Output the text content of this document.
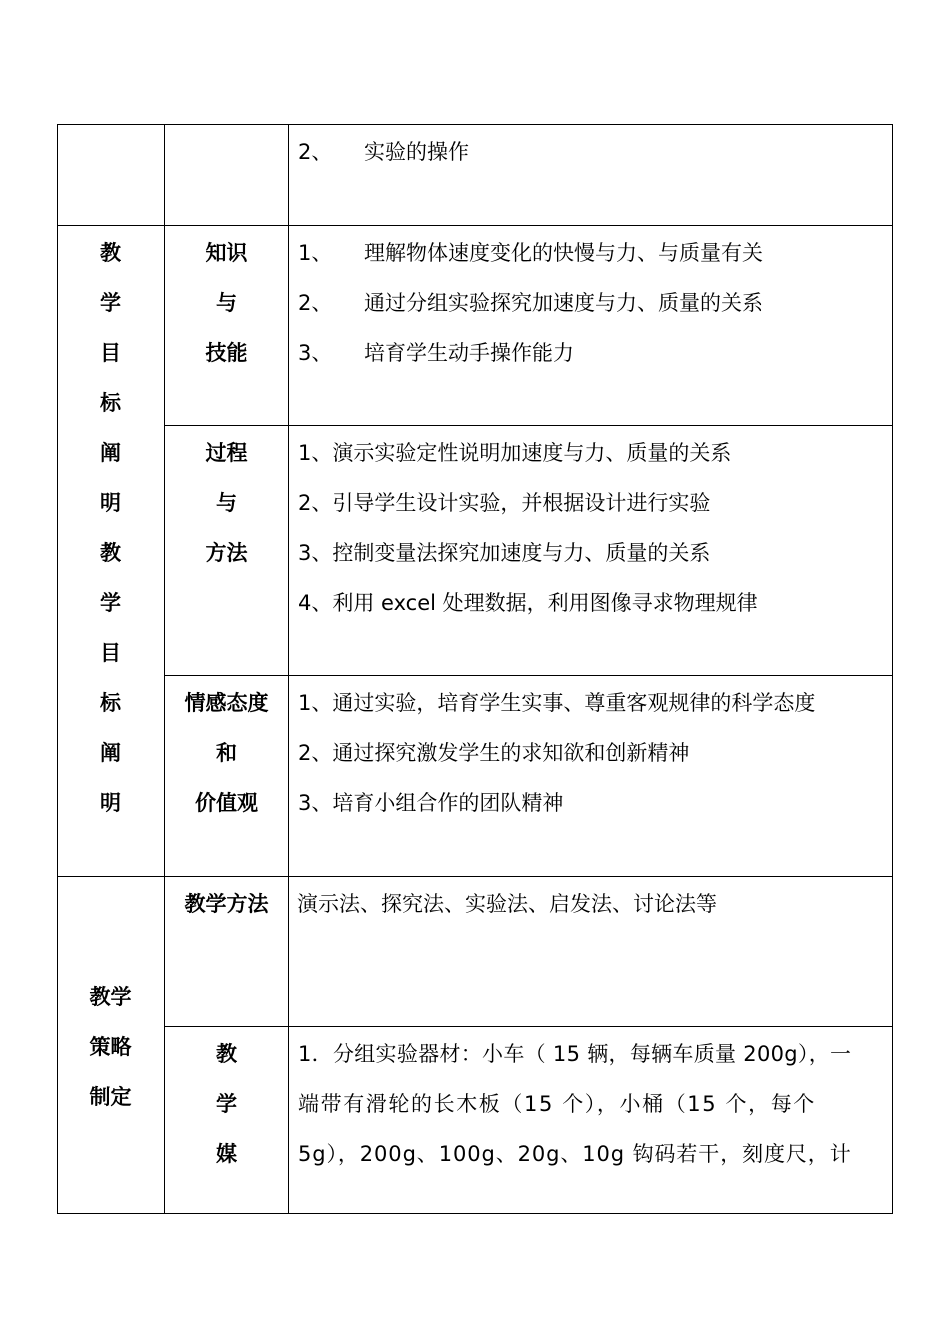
2、 实验的操作
教
学
目
标
阐
明
教
学
目
标
阐
明
知识
与
技能
1、 理解物体速度变化的快慢与力、与质量有关
2、 通过分组实验探究加速度与力、质量的关系
3、 培育学生动手操作能力
过程
与
方法
1、演示实验定性说明加速度与力、质量的关系
2、引导学生设计实验，并根据设计进行实验
3、控制变量法探究加速度与力、质量的关系
4、利用 excel 处理数据，利用图像寻求物理规律
情感态度
和
价值观
1、通过实验，培育学生实事、尊重客观规律的科学态度
2、通过探究激发学生的求知欲和创新精神
3、培育小组合作的团队精神
教学
策略
制定
教学方法	演示法、探究法、实验法、启发法、讨论法等
教
学
媒
1．分组实验器材：小车（ 15 辆，每辆车质量 200g），一
端带有滑轮的长木板（15 个），小桶（15 个，每个
5g），200g、100g、20g、10g 钩码若干，刻度尺，计
